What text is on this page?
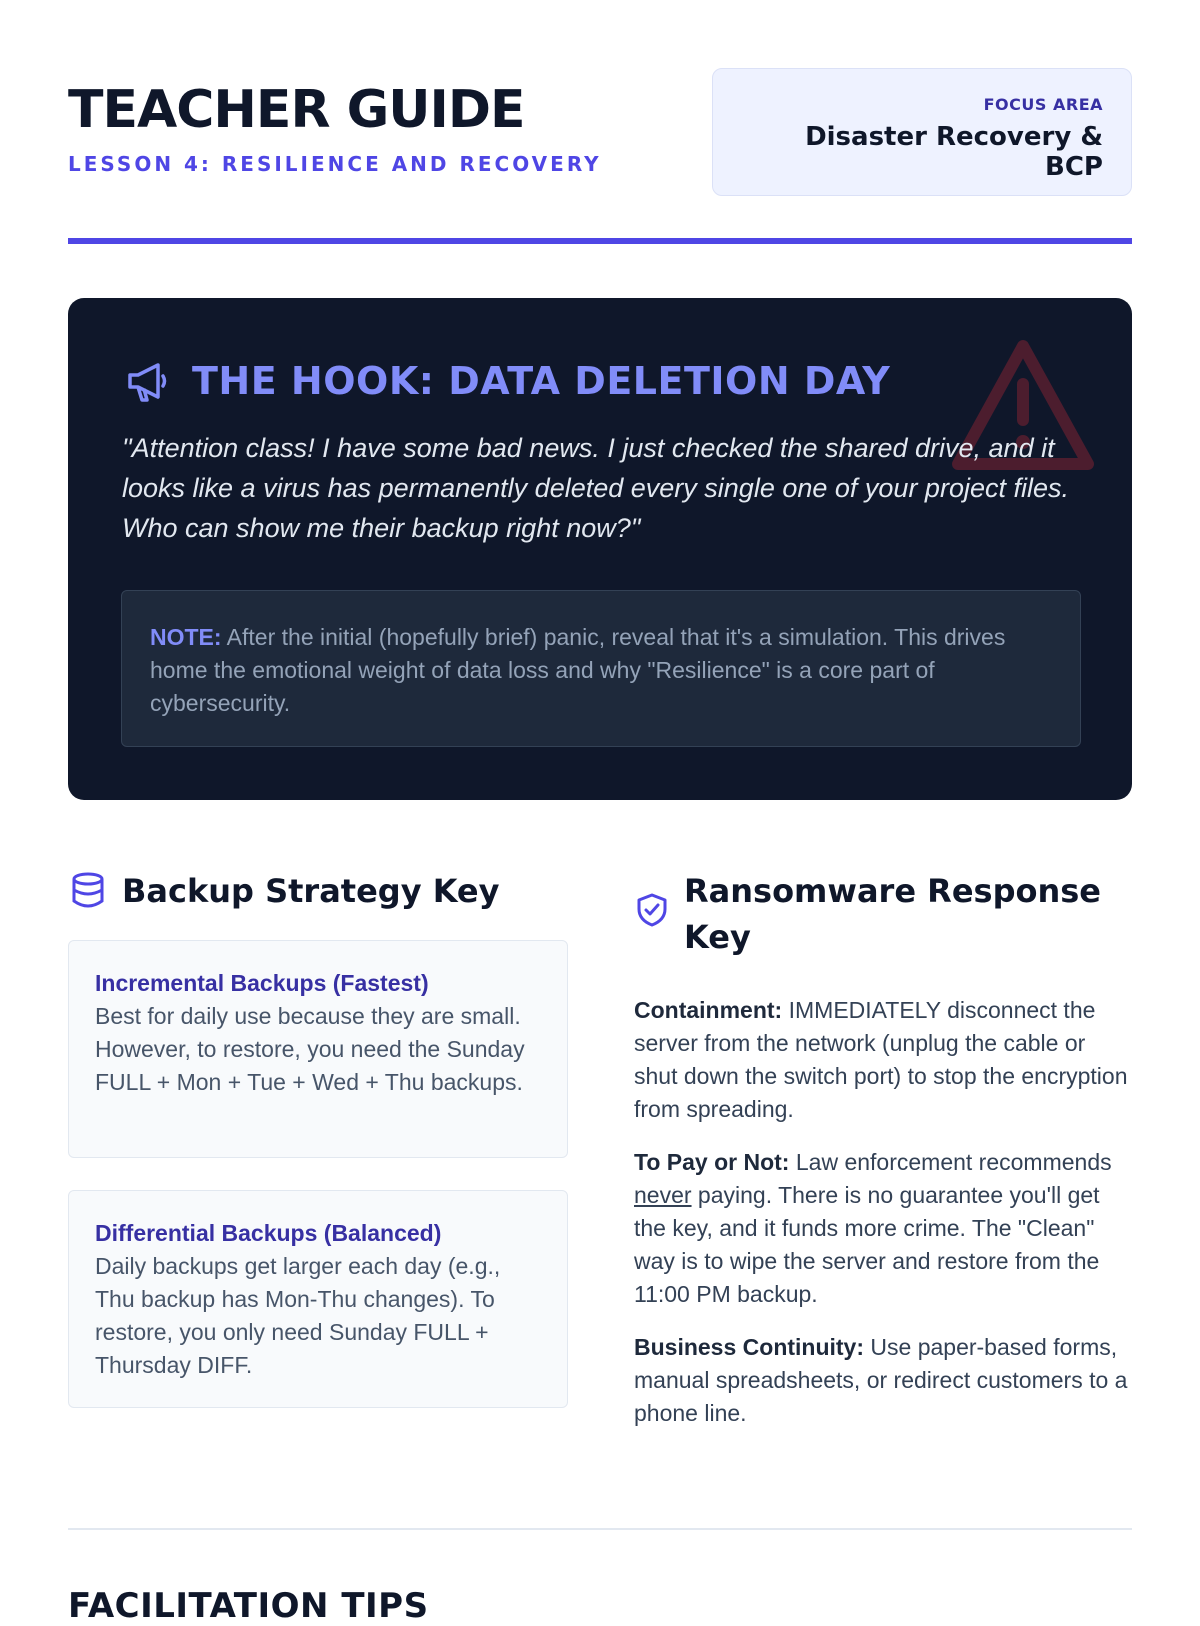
TEACHER GUIDE
LESSON 4: RESILIENCE AND RECOVERY
FOCUS AREA
Disaster Recovery & BCP
THE HOOK: DATA DELETION DAY
"Attention class! I have some bad news. I just checked the shared drive, and it looks like a virus has permanently deleted every single one of your project files. Who can show me their backup right now?"
NOTE: After the initial (hopefully brief) panic, reveal that it's a simulation. This drives home the emotional weight of data loss and why "Resilience" is a core part of cybersecurity.
Backup Strategy Key
Incremental Backups (Fastest)
Best for daily use because they are small. However, to restore, you need the Sunday FULL + Mon + Tue + Wed + Thu backups.
Differential Backups (Balanced)
Daily backups get larger each day (e.g., Thu backup has Mon-Thu changes). To restore, you only need Sunday FULL + Thursday DIFF.
Ransomware Response Key
Containment: IMMEDIATELY disconnect the server from the network (unplug the cable or shut down the switch port) to stop the encryption from spreading.
To Pay or Not: Law enforcement recommends never paying. There is no guarantee you'll get the key, and it funds more crime. The "Clean" way is to wipe the server and restore from the 11:00 PM backup.
Business Continuity: Use paper-based forms, manual spreadsheets, or redirect customers to a phone line.
FACILITATION TIPS
